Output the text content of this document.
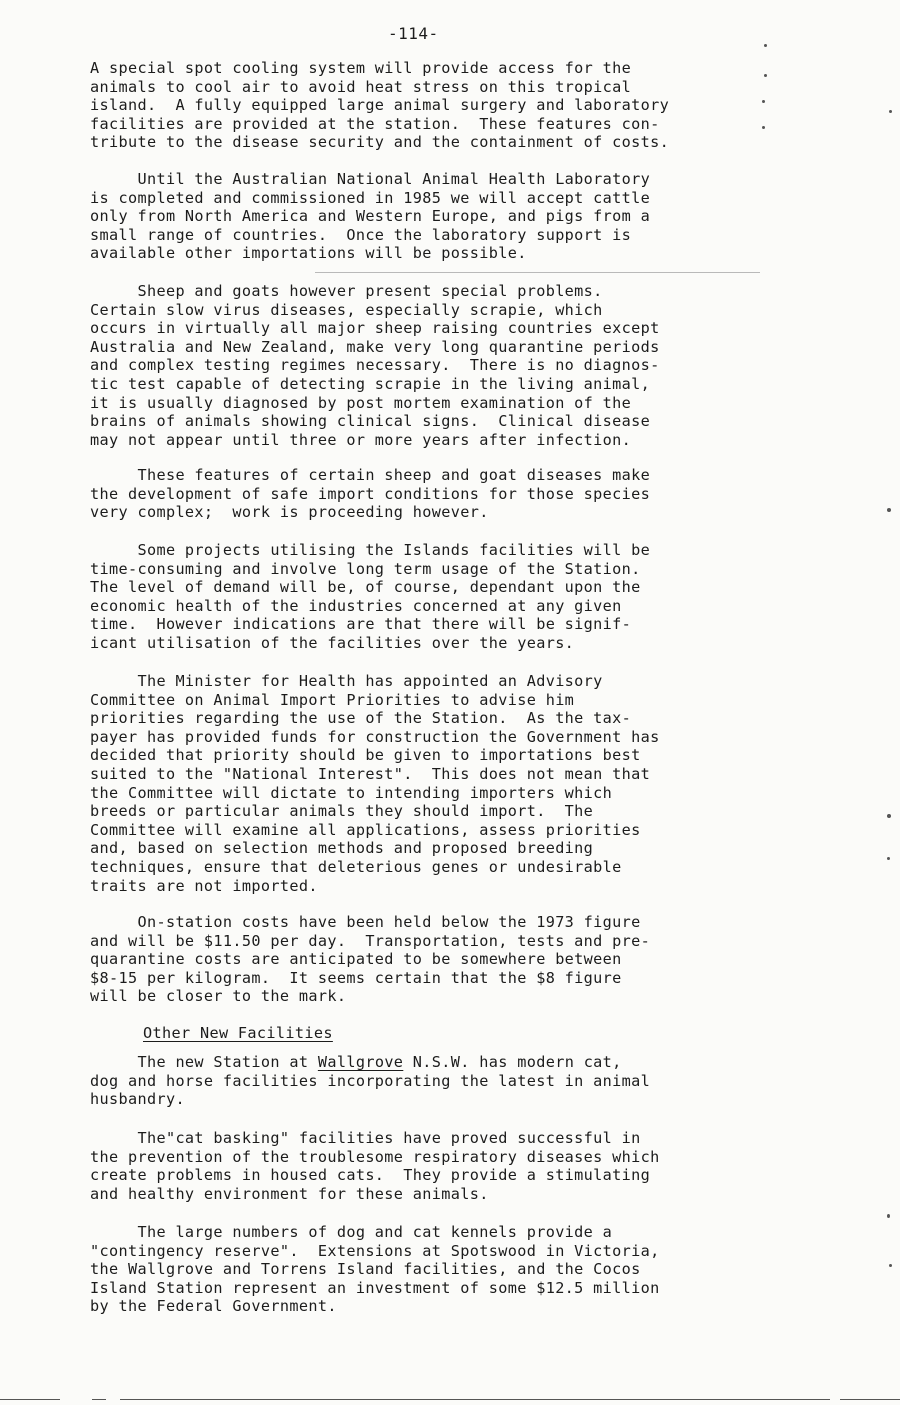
-114-

A special spot cooling system will provide access for the
animals to cool air to avoid heat stress on this tropical
island.  A fully equipped large animal surgery and laboratory
facilities are provided at the station.  These features con-
tribute to the disease security and the containment of costs.

Until the Australian National Animal Health Laboratory
is completed and commissioned in 1985 we will accept cattle
only from North America and Western Europe, and pigs from a
small range of countries.  Once the laboratory support is
available other importations will be possible.

Sheep and goats however present special problems.
Certain slow virus diseases, especially scrapie, which
occurs in virtually all major sheep raising countries except
Australia and New Zealand, make very long quarantine periods
and complex testing regimes necessary.  There is no diagnos-
tic test capable of detecting scrapie in the living animal,
it is usually diagnosed by post mortem examination of the
brains of animals showing clinical signs.  Clinical disease
may not appear until three or more years after infection.

These features of certain sheep and goat diseases make
the development of safe import conditions for those species
very complex;  work is proceeding however.

Some projects utilising the Islands facilities will be
time-consuming and involve long term usage of the Station.
The level of demand will be, of course, dependant upon the
economic health of the industries concerned at any given
time.  However indications are that there will be signif-
icant utilisation of the facilities over the years.

The Minister for Health has appointed an Advisory
Committee on Animal Import Priorities to advise him
priorities regarding the use of the Station.  As the tax-
payer has provided funds for construction the Government has
decided that priority should be given to importations best
suited to the "National Interest".  This does not mean that
the Committee will dictate to intending importers which
breeds or particular animals they should import.  The
Committee will examine all applications, assess priorities
and, based on selection methods and proposed breeding
techniques, ensure that deleterious genes or undesirable
traits are not imported.

On-station costs have been held below the 1973 figure
and will be $11.50 per day.  Transportation, tests and pre-
quarantine costs are anticipated to be somewhere between
$8-15 per kilogram.  It seems certain that the $8 figure
will be closer to the mark.

Other New Facilities

The new Station at Wallgrove N.S.W. has modern cat,
dog and horse facilities incorporating the latest in animal
husbandry.

The"cat basking" facilities have proved successful in
the prevention of the troublesome respiratory diseases which
create problems in housed cats.  They provide a stimulating
and healthy environment for these animals.

The large numbers of dog and cat kennels provide a
"contingency reserve".  Extensions at Spotswood in Victoria,
the Wallgrove and Torrens Island facilities, and the Cocos
Island Station represent an investment of some $12.5 million
by the Federal Government.
